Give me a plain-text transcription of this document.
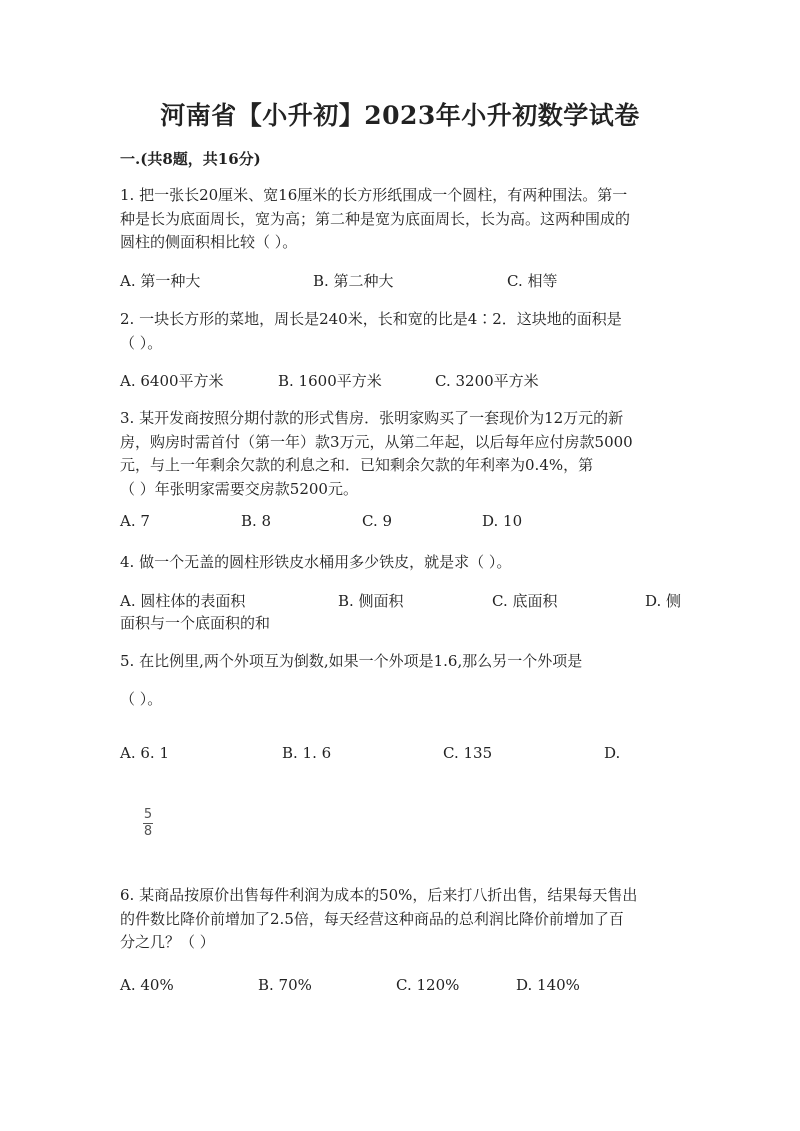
河南省【小升初】2023年小升初数学试卷
一.(共8题，共16分)
1. 把一张长20厘米、宽16厘米的长方形纸围成一个圆柱，有两种围法。第一
种是长为底面周长，宽为高；第二种是宽为底面周长，长为高。这两种围成的
圆柱的侧面积相比较（ ）。
A. 第一种大	B. 第二种大	C. 相等
2. 一块长方形的菜地，周长是240米，长和宽的比是4∶2．这块地的面积是
（ ）。
A. 6400平方米	B. 1600平方米	C. 3200平方米
3. 某开发商按照分期付款的形式售房．张明家购买了一套现价为12万元的新
房，购房时需首付（第一年）款3万元，从第二年起，以后每年应付房款5000
元，与上一年剩余欠款的利息之和．已知剩余欠款的年利率为0.4%，第
（ ）年张明家需要交房款5200元。
A. 7	B. 8	C. 9	D. 10
4. 做一个无盖的圆柱形铁皮水桶用多少铁皮，就是求（ ）。
A. 圆柱体的表面积	B. 侧面积	C. 底面积	D. 侧
面积与一个底面积的和
5. 在比例里,两个外项互为倒数,如果一个外项是1.6,那么另一个外项是
（ ）。
A. 6. 1	B. 1. 6	C. 135	D.
5
8
6. 某商品按原价出售每件利润为成本的50%，后来打八折出售，结果每天售出
的件数比降价前增加了2.5倍，每天经营这种商品的总利润比降价前增加了百
分之几？（ ）
A. 40%	B. 70%	C. 120%	D. 140%
